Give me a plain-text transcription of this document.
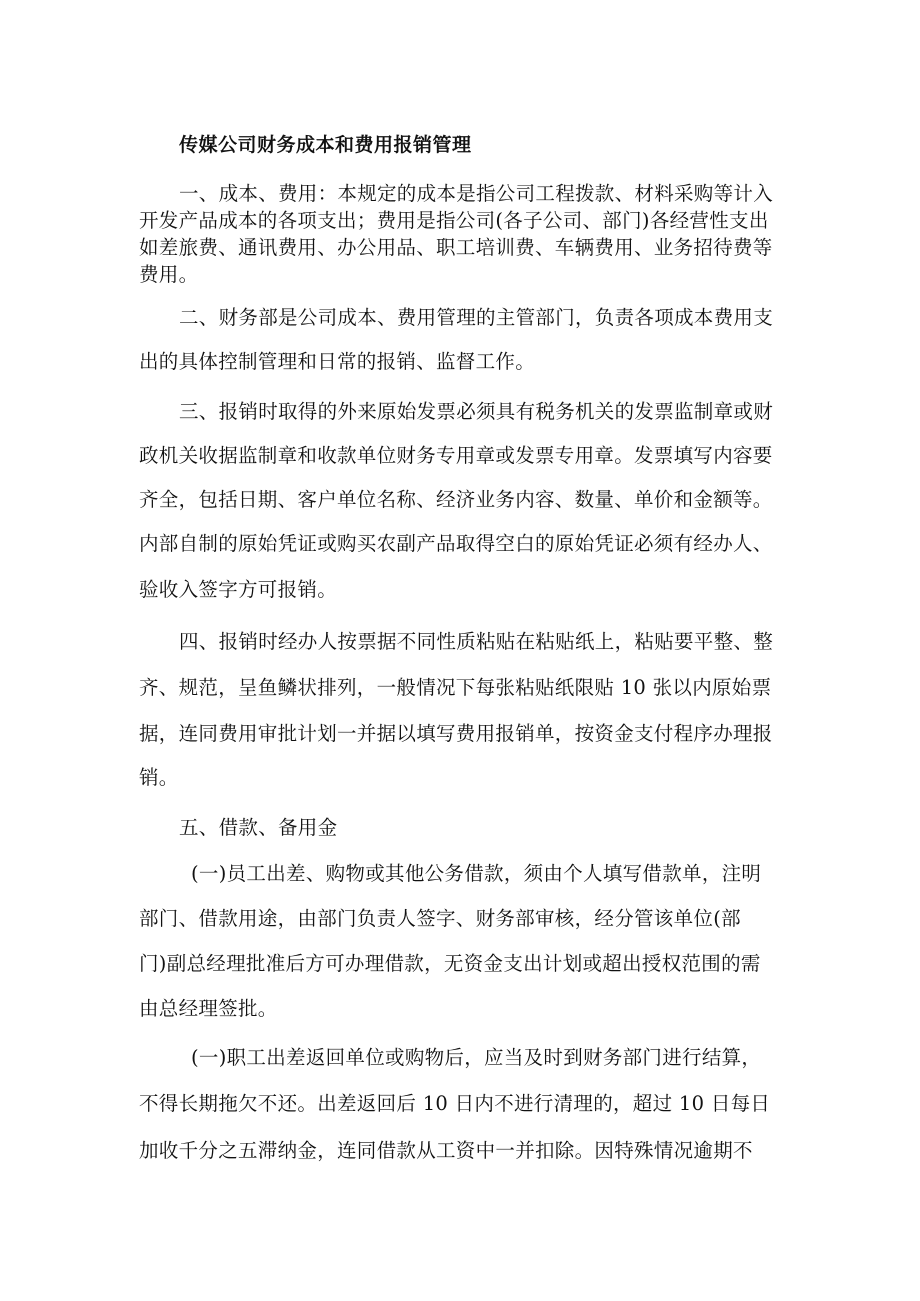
传媒公司财务成本和费用报销管理
一、成本、费用：本规定的成本是指公司工程拨款、材料采购等计入
开发产品成本的各项支出；费用是指公司(各子公司、部门)各经营性支出
如差旅费、通讯费用、办公用品、职工培训费、车辆费用、业务招待费等
费用。
二、财务部是公司成本、费用管理的主管部门，负责各项成本费用支
出的具体控制管理和日常的报销、监督工作。
三、报销时取得的外来原始发票必须具有税务机关的发票监制章或财
政机关收据监制章和收款单位财务专用章或发票专用章。发票填写内容要
齐全，包括日期、客户单位名称、经济业务内容、数量、单价和金额等。
内部自制的原始凭证或购买农副产品取得空白的原始凭证必须有经办人、
验收入签字方可报销。
四、报销时经办人按票据不同性质粘贴在粘贴纸上，粘贴要平整、整
齐、规范，呈鱼鳞状排列，一般情况下每张粘贴纸限贴 10 张以内原始票
据，连同费用审批计划一并据以填写费用报销单，按资金支付程序办理报
销。
五、借款、备用金
(一)员工出差、购物或其他公务借款，须由个人填写借款单，注明
部门、借款用途，由部门负责人签字、财务部审核，经分管该单位(部
门)副总经理批准后方可办理借款，无资金支出计划或超出授权范围的需
由总经理签批。
(一)职工出差返回单位或购物后，应当及时到财务部门进行结算，
不得长期拖欠不还。出差返回后 10 日内不进行清理的，超过 10 日每日
加收千分之五滞纳金，连同借款从工资中一并扣除。因特殊情况逾期不
